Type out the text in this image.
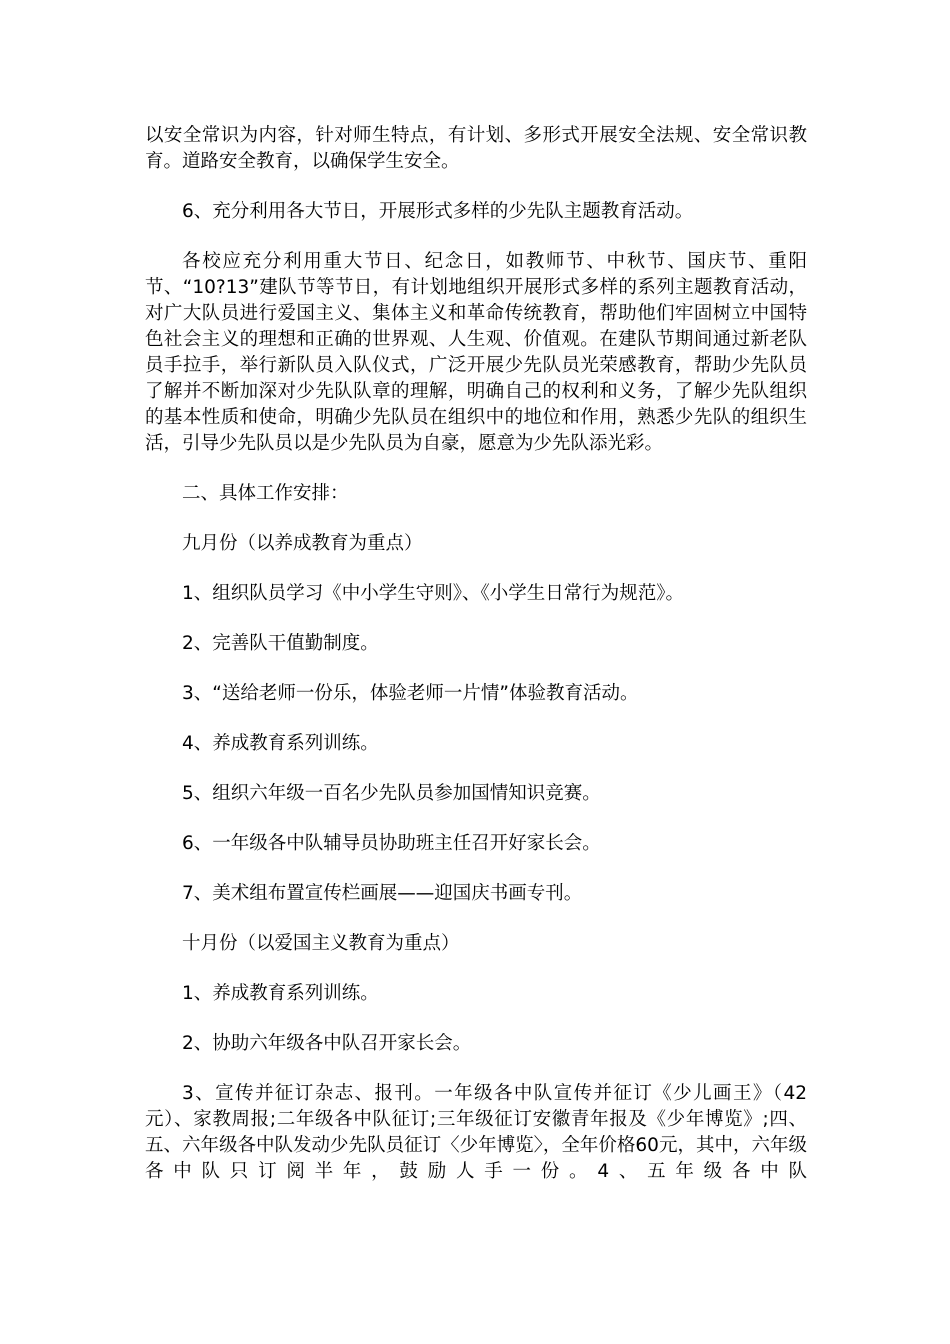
以安全常识为内容，针对师生特点，有计划、多形式开展安全法规、安全常识教育。道路安全教育，以确保学生安全。

6、充分利用各大节日，开展形式多样的少先队主题教育活动。

各校应充分利用重大节日、纪念日，如教师节、中秋节、国庆节、重阳节、“10?13”建队节等节日，有计划地组织开展形式多样的系列主题教育活动，对广大队员进行爱国主义、集体主义和革命传统教育，帮助他们牢固树立中国特色社会主义的理想和正确的世界观、人生观、价值观。在建队节期间通过新老队员手拉手，举行新队员入队仪式，广泛开展少先队员光荣感教育，帮助少先队员了解并不断加深对少先队队章的理解，明确自己的权利和义务，了解少先队组织的基本性质和使命，明确少先队员在组织中的地位和作用，熟悉少先队的组织生活，引导少先队员以是少先队员为自豪，愿意为少先队添光彩。

二、具体工作安排：

九月份（以养成教育为重点）

1、组织队员学习《中小学生守则》、《小学生日常行为规范》。

2、完善队干值勤制度。

3、“送给老师一份乐，体验老师一片情”体验教育活动。

4、养成教育系列训练。

5、组织六年级一百名少先队员参加国情知识竞赛。

6、一年级各中队辅导员协助班主任召开好家长会。

7、美术组布置宣传栏画展——迎国庆书画专刊。

十月份（以爱国主义教育为重点）

1、养成教育系列训练。

2、协助六年级各中队召开家长会。

3、宣传并征订杂志、报刊。一年级各中队宣传并征订《少儿画王》（42元）、家教周报;二年级各中队征订;三年级征订安徽青年报及《少年博览》;四、五、六年级各中队发动少先队员征订〈少年博览〉，全年价格60元，其中，六年级各中队只订阅半年，鼓励人手一份。4、五年级各中队
